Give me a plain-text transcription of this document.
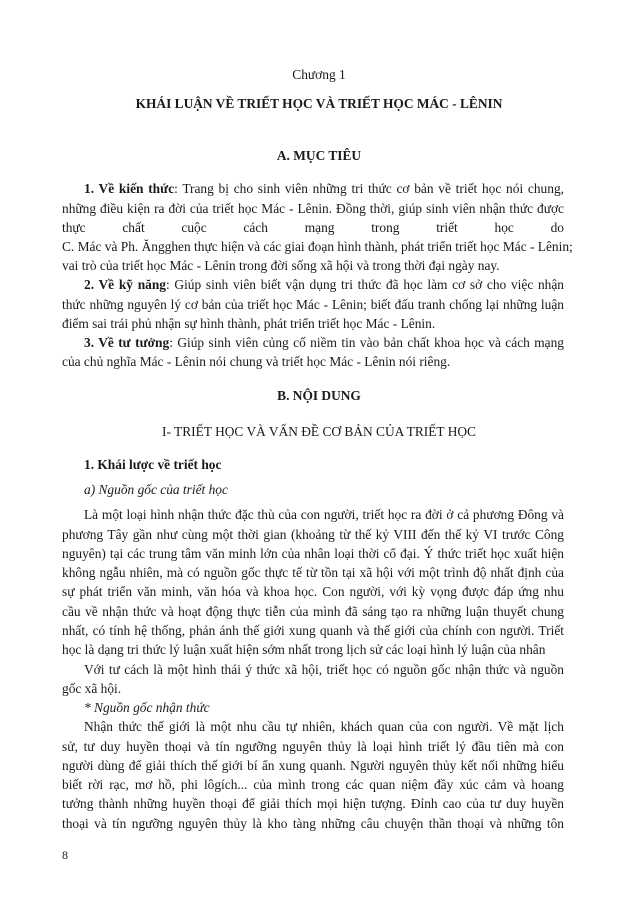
Chương 1
KHÁI LUẬN VỀ TRIẾT HỌC VÀ TRIẾT HỌC MÁC - LÊNIN
A. MỤC TIÊU
1. Về kiến thức: Trang bị cho sinh viên những tri thức cơ bản về triết học nói chung,
những điều kiện ra đời của triết học Mác - Lênin. Đồng thời, giúp sinh viên nhận thức được
thực chất cuộc cách mạng trong triết học do
C. Mác và Ph. Ăngghen thực hiện và các giai đoạn hình thành, phát triển triết học Mác - Lênin;
vai trò của triết học Mác - Lênin trong đời sống xã hội và trong thời đại ngày nay.
2. Về kỹ năng: Giúp sinh viên biết vận dụng tri thức đã học làm cơ sở cho việc nhận
thức những nguyên lý cơ bản của triết học Mác - Lênin; biết đấu tranh chống lại những luận
điểm sai trái phủ nhận sự hình thành, phát triển triết học Mác - Lênin.
3. Về tư tưởng: Giúp sinh viên củng cố niềm tin vào bản chất khoa học và cách mạng
của chủ nghĩa Mác - Lênin nói chung và triết học Mác - Lênin nói riêng.
B. NỘI DUNG
I- TRIẾT HỌC VÀ VẤN ĐỀ CƠ BẢN CỦA TRIẾT HỌC
1. Khái lược về triết học
a) Nguồn gốc của triết học
Là một loại hình nhận thức đặc thù của con người, triết học ra đời ở cả phương Đông và
phương Tây gần như cùng một thời gian (khoảng từ thế kỷ VIII đến thế kỷ VI trước Công
nguyên) tại các trung tâm văn minh lớn của nhân loại thời cổ đại. Ý thức triết học xuất hiện
không ngẫu nhiên, mà có nguồn gốc thực tế từ tồn tại xã hội với một trình độ nhất định của
sự phát triển văn minh, văn hóa và khoa học. Con người, với kỳ vọng được đáp ứng nhu
cầu về nhận thức và hoạt động thực tiễn của mình đã sáng tạo ra những luận thuyết chung
nhất, có tính hệ thống, phản ánh thế giới xung quanh và thế giới của chính con người. Triết
học là dạng tri thức lý luận xuất hiện sớm nhất trong lịch sử các loại hình lý luận của nhân
Với tư cách là một hình thái ý thức xã hội, triết học có nguồn gốc nhận thức và nguồn
gốc xã hội.
* Nguồn gốc nhận thức
Nhận thức thế giới là một nhu cầu tự nhiên, khách quan của con người. Về mặt lịch
sử, tư duy huyền thoại và tín ngưỡng nguyên thủy là loại hình triết lý đầu tiên mà con
người dùng để giải thích thế giới bí ẩn xung quanh. Người nguyên thủy kết nối những hiểu
biết rời rạc, mơ hồ, phi lôgích... của mình trong các quan niệm đầy xúc cảm và hoang
tưởng thành những huyền thoại để giải thích mọi hiện tượng. Đỉnh cao của tư duy huyền
thoại và tín ngưỡng nguyên thủy là kho tàng những câu chuyện thần thoại và những tôn
8
